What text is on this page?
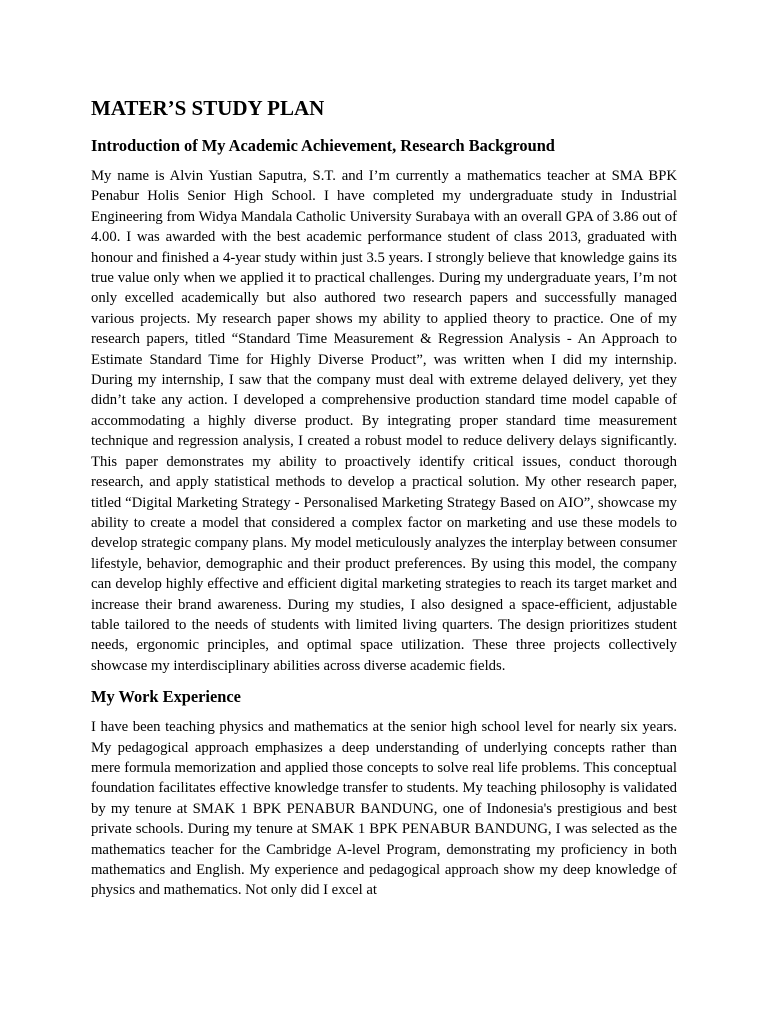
MATER’S STUDY PLAN
Introduction of My Academic Achievement, Research Background

My name is Alvin Yustian Saputra, S.T. and I’m currently a mathematics teacher at SMA BPK Penabur Holis Senior High School. I have completed my undergraduate study in Industrial Engineering from Widya Mandala Catholic University Surabaya with an overall GPA of 3.86 out of 4.00. I was awarded with the best academic performance student of class 2013, graduated with honour and finished a 4-year study within just 3.5 years. I strongly believe that knowledge gains its true value only when we applied it to practical challenges. During my undergraduate years, I’m not only excelled academically but also authored two research papers and successfully managed various projects. My research paper shows my ability to applied theory to practice. One of my research papers, titled “Standard Time Measurement & Regression Analysis - An Approach to Estimate Standard Time for Highly Diverse Product”, was written when I did my internship. During my internship, I saw that the company must deal with extreme delayed delivery, yet they didn’t take any action. I developed a comprehensive production standard time model capable of accommodating a highly diverse product. By integrating proper standard time measurement technique and regression analysis, I created a robust model to reduce delivery delays significantly. This paper demonstrates my ability to proactively identify critical issues, conduct thorough research, and apply statistical methods to develop a practical solution. My other research paper, titled “Digital Marketing Strategy - Personalised Marketing Strategy Based on AIO”, showcase my ability to create a model that considered a complex factor on marketing and use these models to develop strategic company plans. My model meticulously analyzes the interplay between consumer lifestyle, behavior, demographic and their product preferences. By using this model, the company can develop highly effective and efficient digital marketing strategies to reach its target market and increase their brand awareness. During my studies, I also designed a space-efficient, adjustable table tailored to the needs of students with limited living quarters. The design prioritizes student needs, ergonomic principles, and optimal space utilization. These three projects collectively showcase my interdisciplinary abilities across diverse academic fields.

My Work Experience

I have been teaching physics and mathematics at the senior high school level for nearly six years. My pedagogical approach emphasizes a deep understanding of underlying concepts rather than mere formula memorization and applied those concepts to solve real life problems. This conceptual foundation facilitates effective knowledge transfer to students. My teaching philosophy is validated by my tenure at SMAK 1 BPK PENABUR BANDUNG, one of Indonesia's prestigious and best private schools. During my tenure at SMAK 1 BPK PENABUR BANDUNG, I was selected as the mathematics teacher for the Cambridge A-level Program, demonstrating my proficiency in both mathematics and English. My experience and pedagogical approach show my deep knowledge of physics and mathematics. Not only did I excel at
